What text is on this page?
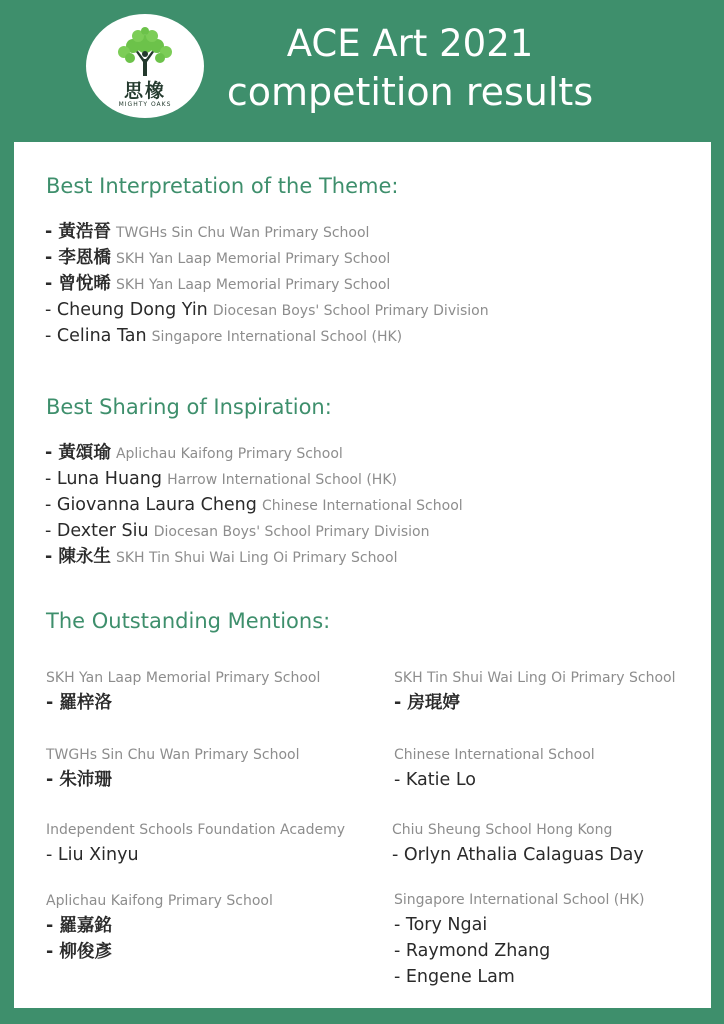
思橡
MIGHTY OAKS
ACE Art 2021
competition results
Best Interpretation of the Theme:
- 黃浩晉 TWGHs Sin Chu Wan Primary School
- 李恩橋 SKH Yan Laap Memorial Primary School
- 曾悅晞 SKH Yan Laap Memorial Primary School
- Cheung Dong Yin Diocesan Boys' School Primary Division
- Celina Tan Singapore International School (HK)
Best Sharing of Inspiration:
- 黃頌瑜 Aplichau Kaifong Primary School
- Luna Huang Harrow International School (HK)
- Giovanna Laura Cheng Chinese International School
- Dexter Siu Diocesan Boys' School Primary Division
- 陳永生 SKH Tin Shui Wai Ling Oi Primary School
The Outstanding Mentions:
SKH Yan Laap Memorial Primary School
- 羅梓洛
TWGHs Sin Chu Wan Primary School
- 朱沛珊
Independent Schools Foundation Academy
- Liu Xinyu
Aplichau Kaifong Primary School
- 羅嘉銘
- 柳俊彥
SKH Tin Shui Wai Ling Oi Primary School
- 房琨婷
Chinese International School
- Katie Lo
Chiu Sheung School Hong Kong
- Orlyn Athalia Calaguas Day
Singapore International School (HK)
- Tory Ngai
- Raymond Zhang
- Engene Lam
